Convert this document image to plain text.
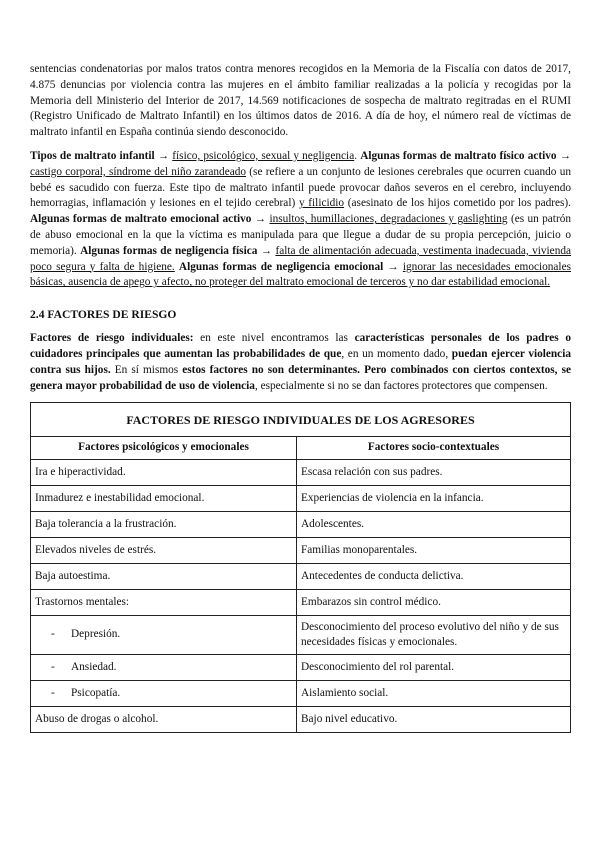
sentencias condenatorias por malos tratos contra menores recogidos en la Memoria de la Fiscalía con datos de 2017, 4.875 denuncias por violencia contra las mujeres en el ámbito familiar realizadas a la policía y recogidas por la Memoria dell Ministerio del Interior de 2017, 14.569 notificaciones de sospecha de maltrato regitradas en el RUMI (Registro Unificado de Maltrato Infantil) en los últimos datos de 2016. A día de hoy, el número real de víctimas de maltrato infantil en España continúa siendo desconocido.

Tipos de maltrato infantil → físico, psicológico, sexual y negligencia. Algunas formas de maltrato físico activo → castigo corporal, síndrome del niño zarandeado (se refiere a un conjunto de lesiones cerebrales que ocurren cuando un bebé es sacudido con fuerza. Este tipo de maltrato infantil puede provocar daños severos en el cerebro, incluyendo hemorragias, inflamación y lesiones en el tejido cerebral) y filicidio (asesinato de los hijos cometido por los padres). Algunas formas de maltrato emocional activo → insultos, humillaciones, degradaciones y gaslighting (es un patrón de abuso emocional en la que la víctima es manipulada para que llegue a dudar de su propia percepción, juicio o memoria). Algunas formas de negligencia física → falta de alimentación adecuada, vestimenta inadecuada, vivienda poco segura y falta de higiene. Algunas formas de negligencia emocional → ignorar las necesidades emocionales básicas, ausencia de apego y afecto, no proteger del maltrato emocional de terceros y no dar estabilidad emocional.

2.4 FACTORES DE RIESGO

Factores de riesgo individuales: en este nivel encontramos las características personales de los padres o cuidadores principales que aumentan las probabilidades de que, en un momento dado, puedan ejercer violencia contra sus hijos. En sí mismos estos factores no son determinantes. Pero combinados con ciertos contextos, se genera mayor probabilidad de uso de violencia, especialmente si no se dan factores protectores que compensen.

FACTORES DE RIESGO INDIVIDUALES DE LOS AGRESORES	
Factores psicológicos y emocionales	Factores socio-contextuales
Ira e hiperactividad.	Escasa relación con sus padres.
Inmadurez e inestabilidad emocional.	Experiencias de violencia en la infancia.
Baja tolerancia a la frustración.	Adolescentes.
Elevados niveles de estrés.	Familias monoparentales.
Baja autoestima.	Antecedentes de conducta delictiva.
Trastornos mentales:	Embarazos sin control médico.
- Depresión.	Desconocimiento del proceso evolutivo del niño y de sus necesidades físicas y emocionales.
- Ansiedad.	Desconocimiento del rol parental.
- Psicopatía.	Aislamiento social.
Abuso de drogas o alcohol.	Bajo nivel educativo.
